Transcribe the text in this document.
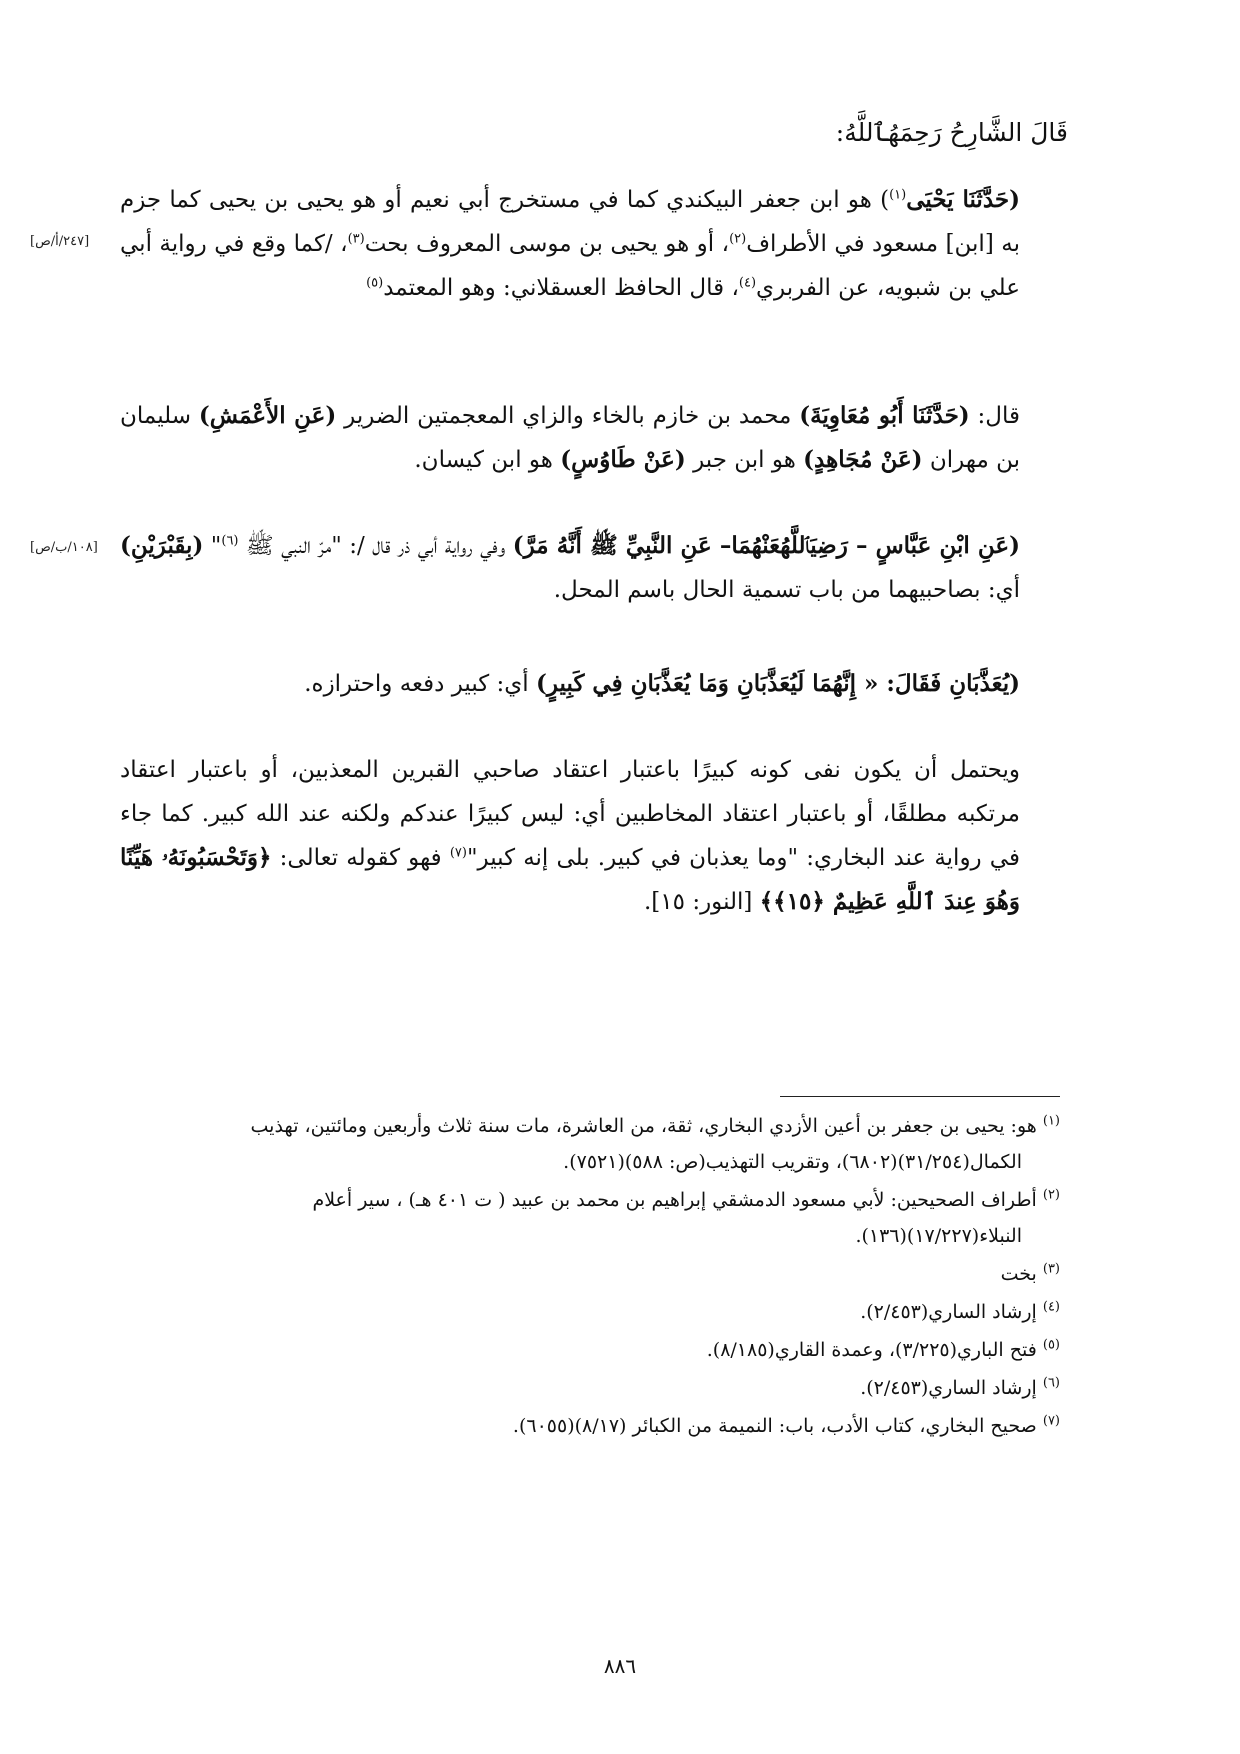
قَالَ الشَّارِحُ رَحِمَهُٱللَّهُ:

(حَدَّثَنَا يَحْيَى$^{(١)}$) هو ابن جعفر البيكندي كما في مستخرج أبي نعيم أو هو يحيى بن يحيى كما جزم به [ابن] مسعود في الأطراف$^{(٢)}$، أو هو يحيى بن موسى المعروف بحت$^{(٣)}$، /كما وقع في رواية أبي علي بن شبويه، عن الفربري$^{(٤)}$، قال الحافظ العسقلاني: وهو المعتمد$^{(٥)}$

[٢٤٧/أ/ص]

قال: (حَدَّثَنَا أَبُو مُعَاوِيَةَ) محمد بن خازم بالخاء والزاي المعجمتين الضرير (عَنِ الأَعْمَشِ) سليمان بن مهران (عَنْ مُجَاهِدٍ) هو ابن جبر (عَنْ طَاوُسٍ) هو ابن كيسان.

(عَنِ ابْنِ عَبَّاسٍ – رَضِيَٱللَّهُعَنْهُمَا– عَنِ النَّبِيِّ ﷺ أَنَّهُ مَرَّ) وفي رواية أبي ذر قال /: "مرّ النبي ﷺ $^{(٦)}$" (بِقَبْرَيْنِ) أي: بصاحبيهما من باب تسمية الحال باسم المحل.

[١٠٨/ب/ص]

(يُعَذَّبَانِ فَقَالَ: « إِنَّهُمَا لَيُعَذَّبَانِ وَمَا يُعَذَّبَانِ فِي كَبِيرٍ) أي: كبير دفعه واحترازه.

ويحتمل أن يكون نفى كونه كبيرًا باعتبار اعتقاد صاحبي القبرين المعذبين، أو باعتبار اعتقاد مرتكبه مطلقًا، أو باعتبار اعتقاد المخاطبين أي: ليس كبيرًا عندكم ولكنه عند الله كبير. كما جاء في رواية عند البخاري: "وما يعذبان في كبير. بلى إنه كبير"$^{(٧)}$ فهو كقوله تعالى: ﴿وَتَحْسَبُونَهُۥ هَيِّنًا وَهُوَ عِندَ ٱللَّهِ عَظِيمٌ ﴿١٥﴾﴾ [النور: ١٥].

$^{(١)}$ هو: يحيى بن جعفر بن أعين الأزدي البخاري، ثقة، من العاشرة، مات سنة ثلاث وأربعين ومائتين، تهذيب
الكمال(٣١/٢٥٤)(٦٨٠٢)، وتقريب التهذيب(ص: ٥٨٨)(٧٥٢١).

$^{(٢)}$ أطراف الصحيحين: لأبي مسعود الدمشقي إبراهيم بن محمد بن عبيد ( ت ٤٠١ هـ) ، سير أعلام
النبلاء(١٧/٢٢٧)(١٣٦).

$^{(٣)}$ بخت

$^{(٤)}$ إرشاد الساري(٢/٤٥٣).

$^{(٥)}$ فتح الباري(٣/٢٢٥)، وعمدة القاري(٨/١٨٥).

$^{(٦)}$ إرشاد الساري(٢/٤٥٣).

$^{(٧)}$ صحيح البخاري، كتاب الأدب، باب: النميمة من الكبائر (٨/١٧)(٦٠٥٥).

٨٨٦
